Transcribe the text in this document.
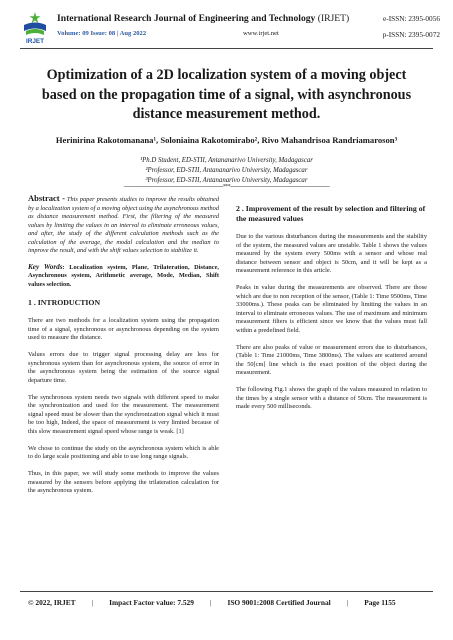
IRJET
International Research Journal of Engineering and Technology (IRJET)	e-ISSN: 2395-0056
Volume: 09 Issue: 08 | Aug 2022	www.irjet.net	p-ISSN: 2395-0072
Optimization of a 2D localization system of a moving object based on the propagation time of a signal, with asynchronous distance measurement method.
Herinirina Rakotomanana¹, Soloniaina Rakotomirabo², Rivo Mahandrisoa Randriamaroson³
¹Ph.D Student, ED-STII, Antananarivo University, Madagascar
²Professor, ED-STII, Antananarivo University, Madagascar
³Professor, ED-STII, Antananarivo University, Madagascar
-----------------------------------------------------------------------***-----------------------------------------------------------------------
Abstract - This paper presents studies to improve the results obtained by a localization system of a moving object using the asynchronous method as distance measurement method. First, the filtering of the measured values by limiting the values in an interval to eliminate erroneous values, and after, the study of the different calculation methods such as the calculation of the average, the modal calculation and the median to improve the result, and with the shift values selection to stabilize it.
Key Words: Localization system, Plane, Trilateration, Distance, Asynchronous system, Arithmetic average, Mode, Median, Shift values selection.
1 . INTRODUCTION

There are two methods for a localization system using the propagation time of a signal, synchronous or asynchronous depending on the system used to measure the distance.

Values errors due to trigger signal processing delay are less for synchronous system than for asynchronous system, the source of error in the asynchronous system being the estimation of the source signal departure time.

The synchronous system needs two signals with different speed to make the synchronization and used for the measurement. The measurement signal speed must be slower than the synchronization signal which it must be too high, Indeed, the space of measurement is very limited because of this slow measurement signal speed whose range is weak. [1]

We chose to continue the study on the asynchronous system which is able to do large scale positioning and able to use long range signals.

Thus, in this paper, we will study some methods to improve the values measured by the sensors before applying the trilateration calculation for the asynchronous system.

2 . Improvement of the result by selection and filtering of the measured values

Due to the various disturbances during the measurements and the stability of the system, the measured values are unstable. Table 1 shows the values measured by the system every 500ms with a sensor and whose real distance between sensor and object is 50cm, and it will be kept as a measurement reference in this article.

Peaks in value during the measurements are observed. There are those which are due to non reception of the sensor, (Table 1: Time 9500ms, Time 33000ms.). These peaks can be eliminated by limiting the values in an interval to eliminate erroneous values. The use of maximum and minimum measurement filters is efficient since we know that the values must fall within a predefined field.

There are also peaks of value or measurement errors due to disturbances, (Table 1: Time 21000ms, Time 3800ms). The values are scattered around the 50[cm] line which is the exact position of the object during the measurement.

The following Fig.1 shows the graph of the values measured in relation to the times by a single sensor with a distance of 50cm. The measurement is made every 500 milliseconds.

© 2022, IRJET | Impact Factor value: 7.529 | ISO 9001:2008 Certified Journal | Page 1155
